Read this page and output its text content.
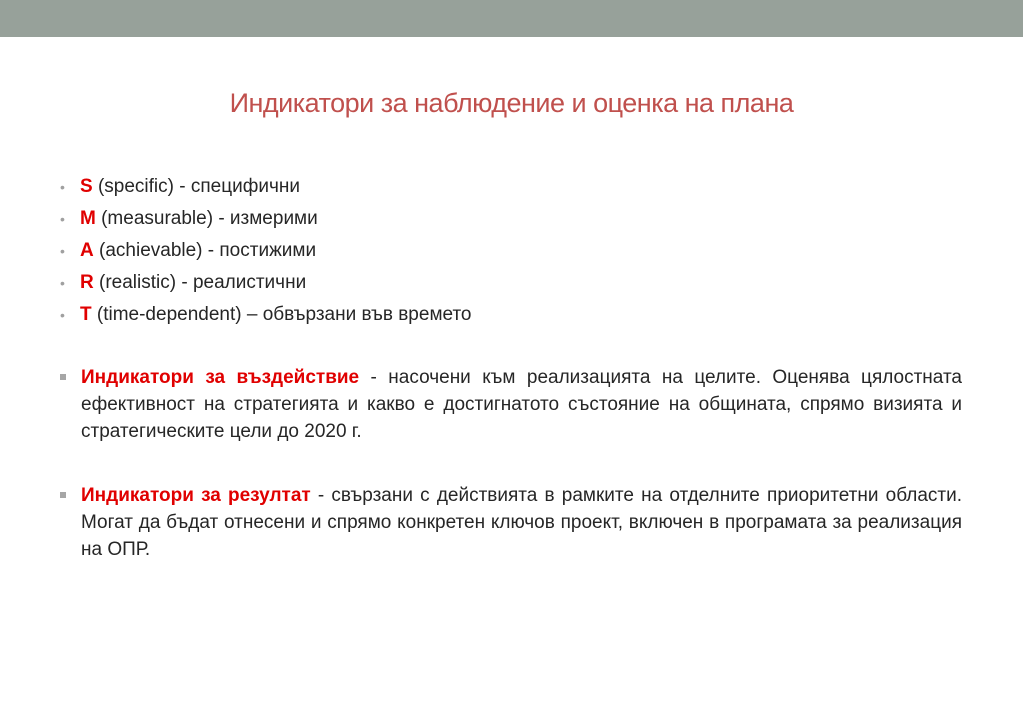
Индикатори за наблюдение и оценка на плана
• S (specific) - специфични
• M (measurable) - измерими
• A (achievable) - постижими
• R (realistic) - реалистични
• T (time-dependent) – обвързани във времето
Индикатори за въздействие - насочени към реализацията на целите. Оценява цялостната ефективност на стратегията и какво е достигнатото състояние на общината, спрямо визията и стратегическите цели до 2020 г.
Индикатори за резултат - свързани с действията в рамките на отделните приоритетни области. Могат да бъдат отнесени и спрямо конкретен ключов проект, включен в програмата за реализация на ОПР.
